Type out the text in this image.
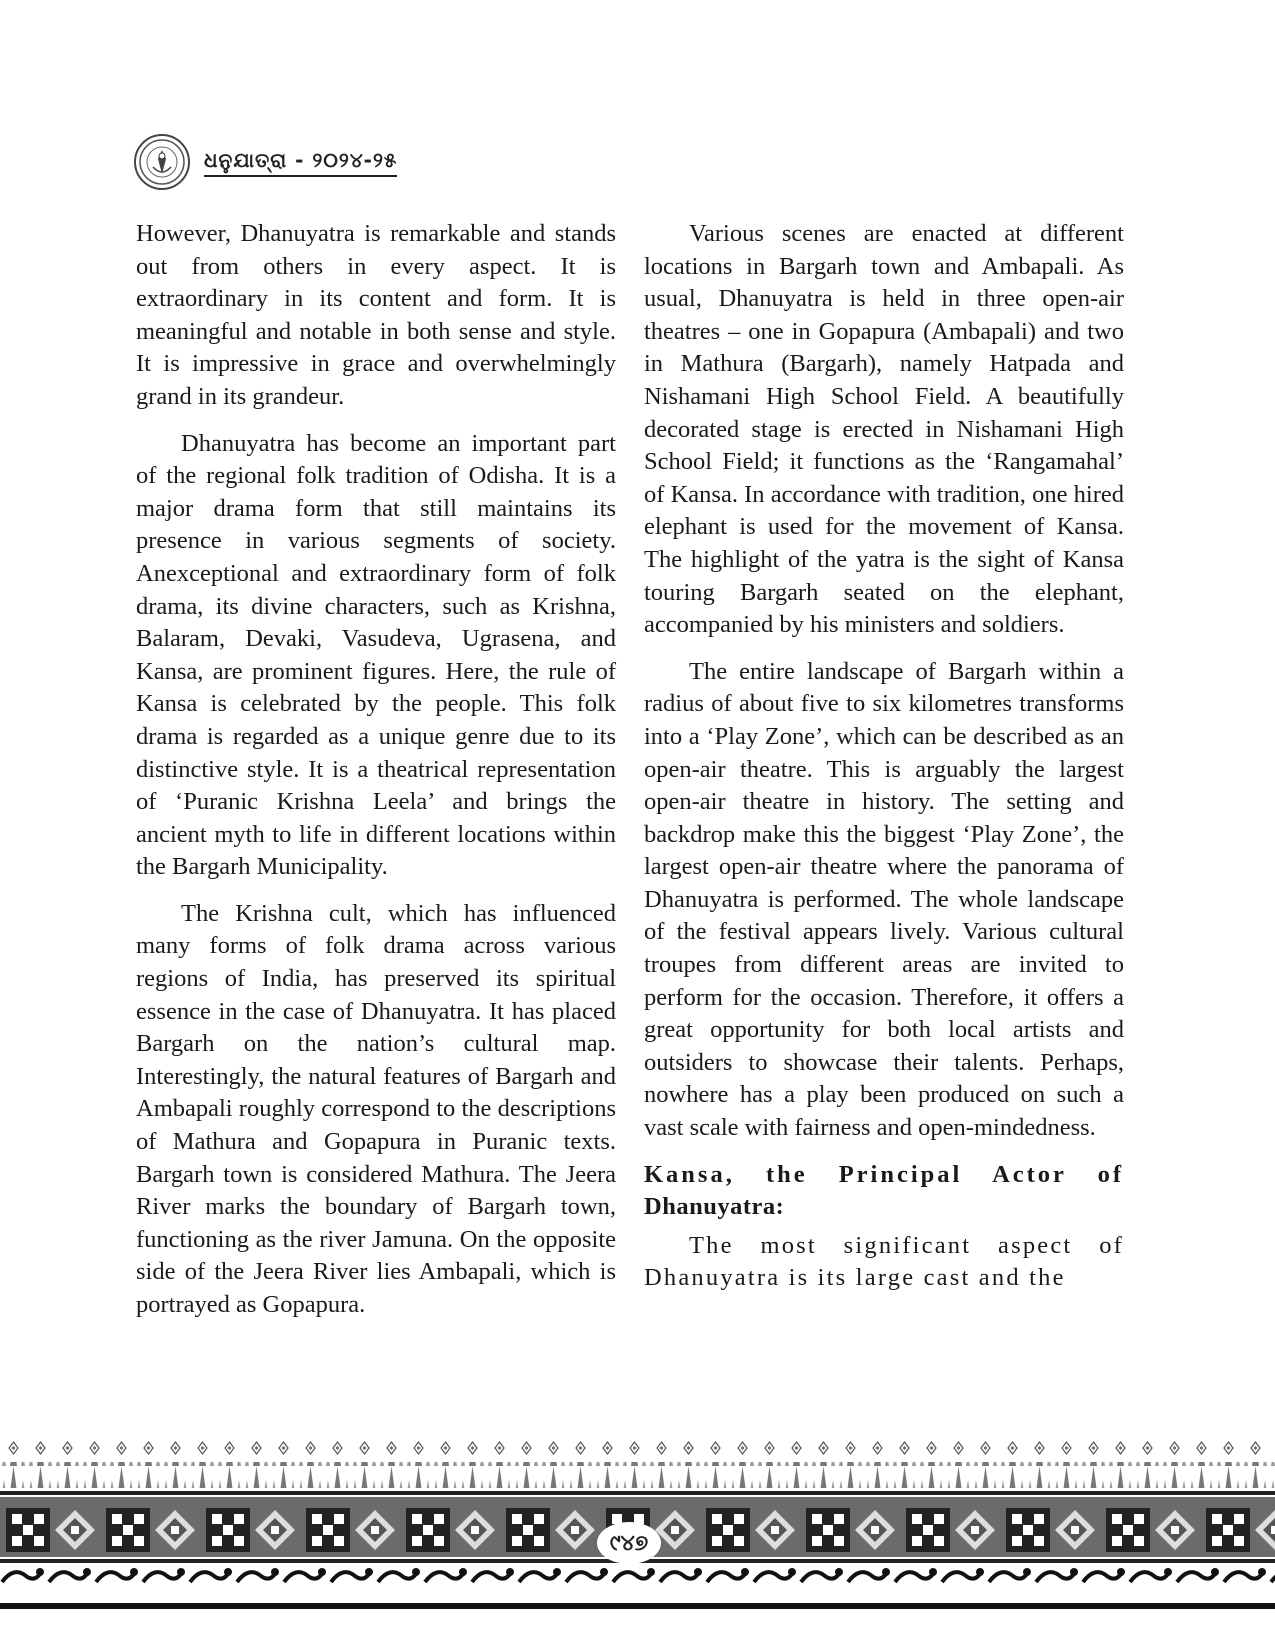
ଧନୁଯାତ୍ରା - ୨୦୨୪-୨୫

However, Dhanuyatra is remarkable and stands out from others in every aspect. It is extraordinary in its content and form. It is meaningful and notable in both sense and style. It is impressive in grace and overwhelmingly grand in its grandeur.

Dhanuyatra has become an important part of the regional folk tradition of Odisha. It is a major drama form that still maintains its presence in various segments of society. Anexceptional and extraordinary form of folk drama, its divine characters, such as Krishna, Balaram, Devaki, Vasudeva, Ugrasena, and Kansa, are prominent figures. Here, the rule of Kansa is celebrated by the people. This folk drama is regarded as a unique genre due to its distinctive style. It is a theatrical representation of ‘Puranic Krishna Leela’ and brings the ancient myth to life in different locations within the Bargarh Municipality.

The Krishna cult, which has influenced many forms of folk drama across various regions of India, has preserved its spiritual essence in the case of Dhanuyatra. It has placed Bargarh on the nation’s cultural map. Interestingly, the natural features of Bargarh and Ambapali roughly correspond to the descriptions of Mathura and Gopapura in Puranic texts. Bargarh town is considered Mathura. The Jeera River marks the boundary of Bargarh town, functioning as the river Jamuna. On the opposite side of the Jeera River lies Ambapali, which is portrayed as Gopapura.

Various scenes are enacted at different locations in Bargarh town and Ambapali. As usual, Dhanuyatra is held in three open-air theatres – one in Gopapura (Ambapali) and two in Mathura (Bargarh), namely Hatpada and Nishamani High School Field. A beautifully decorated stage is erected in Nishamani High School Field; it functions as the ‘Rangamahal’ of Kansa. In accordance with tradition, one hired elephant is used for the movement of Kansa. The highlight of the yatra is the sight of Kansa touring Bargarh seated on the elephant, accompanied by his ministers and soldiers.

The entire landscape of Bargarh within a radius of about five to six kilometres transforms into a ‘Play Zone’, which can be described as an open-air theatre. This is arguably the largest open-air theatre in history. The setting and backdrop make this the biggest ‘Play Zone’, the largest open-air theatre where the panorama of Dhanuyatra is performed. The whole landscape of the festival appears lively. Various cultural troupes from different areas are invited to perform for the occasion. Therefore, it offers a great opportunity for both local artists and outsiders to showcase their talents. Perhaps, nowhere has a play been produced on such a vast scale with fairness and open-mindedness.

Kansa, the Principal Actor of
Dhanuyatra:

The most significant aspect of Dhanuyatra is its large cast and the

୯୪୭
